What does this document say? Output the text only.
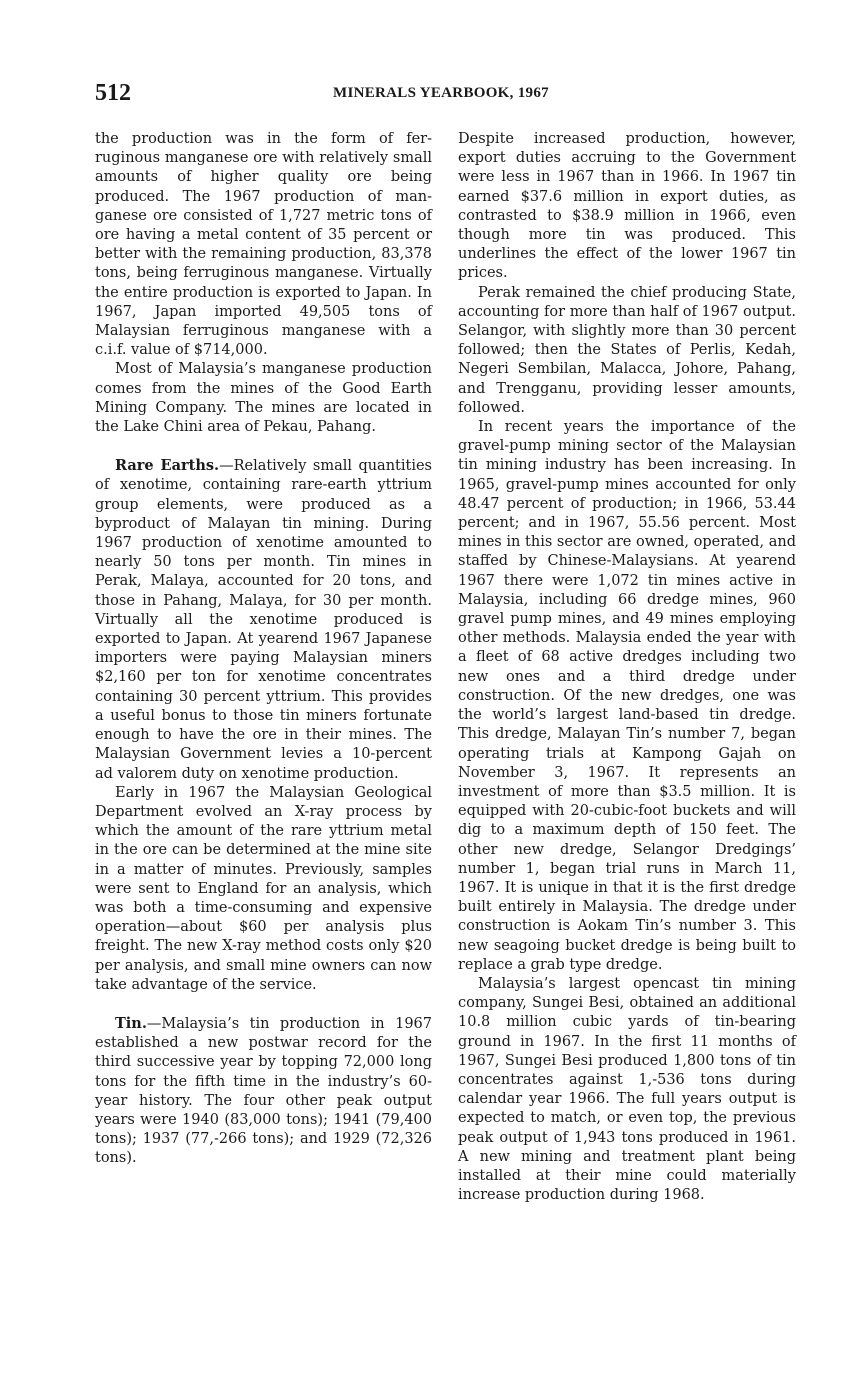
512	MINERALS YEARBOOK, 1967

the production was in the form of ferruginous manganese ore with relatively small amounts of higher quality ore being produced. The 1967 production of manganese ore consisted of 1,727 metric tons of ore having a metal content of 35 percent or better with the remaining production, 83,378 tons, being ferruginous manganese. Virtually the entire production is exported to Japan. In 1967, Japan imported 49,505 tons of Malaysian ferruginous manganese with a c.i.f. value of $714,000.

Most of Malaysia’s manganese production comes from the mines of the Good Earth Mining Company. The mines are located in the Lake Chini area of Pekau, Pahang.

Rare Earths.—Relatively small quantities of xenotime, containing rare-earth yttrium group elements, were produced as a byproduct of Malayan tin mining. During 1967 production of xenotime amounted to nearly 50 tons per month. Tin mines in Perak, Malaya, accounted for 20 tons, and those in Pahang, Malaya, for 30 per month. Virtually all the xenotime produced is exported to Japan. At yearend 1967 Japanese importers were paying Malaysian miners $2,160 per ton for xenotime concentrates containing 30 percent yttrium. This provides a useful bonus to those tin miners fortunate enough to have the ore in their mines. The Malaysian Government levies a 10-percent ad valorem duty on xenotime production.

Early in 1967 the Malaysian Geological Department evolved an X-ray process by which the amount of the rare yttrium metal in the ore can be determined at the mine site in a matter of minutes. Previously, samples were sent to England for an analysis, which was both a time-consuming and expensive operation—about $60 per analysis plus freight. The new X-ray method costs only $20 per analysis, and small mine owners can now take advantage of the service.

Tin.—Malaysia’s tin production in 1967 established a new postwar record for the third successive year by topping 72,000 long tons for the fifth time in the industry’s 60-year history. The four other peak output years were 1940 (83,000 tons); 1941 (79,400 tons); 1937 (77,-266 tons); and 1929 (72,326 tons).

Despite increased production, however, export duties accruing to the Government were less in 1967 than in 1966. In 1967 tin earned $37.6 million in export duties, as contrasted to $38.9 million in 1966, even though more tin was produced. This underlines the effect of the lower 1967 tin prices.

Perak remained the chief producing State, accounting for more than half of 1967 output. Selangor, with slightly more than 30 percent followed; then the States of Perlis, Kedah, Negeri Sembilan, Malacca, Johore, Pahang, and Trengganu, providing lesser amounts, followed.

In recent years the importance of the gravel-pump mining sector of the Malaysian tin mining industry has been increasing. In 1965, gravel-pump mines accounted for only 48.47 percent of production; in 1966, 53.44 percent; and in 1967, 55.56 percent. Most mines in this sector are owned, operated, and staffed by Chinese-Malaysians. At yearend 1967 there were 1,072 tin mines active in Malaysia, including 66 dredge mines, 960 gravel pump mines, and 49 mines employing other methods. Malaysia ended the year with a fleet of 68 active dredges including two new ones and a third dredge under construction. Of the new dredges, one was the world’s largest land-based tin dredge. This dredge, Malayan Tin’s number 7, began operating trials at Kampong Gajah on November 3, 1967. It represents an investment of more than $3.5 million. It is equipped with 20-cubic-foot buckets and will dig to a maximum depth of 150 feet. The other new dredge, Selangor Dredgings’ number 1, began trial runs in March 11, 1967. It is unique in that it is the first dredge built entirely in Malaysia. The dredge under construction is Aokam Tin’s number 3. This new seagoing bucket dredge is being built to replace a grab type dredge.

Malaysia’s largest opencast tin mining company, Sungei Besi, obtained an additional 10.8 million cubic yards of tin-bearing ground in 1967. In the first 11 months of 1967, Sungei Besi produced 1,800 tons of tin concentrates against 1,-536 tons during calendar year 1966. The full years output is expected to match, or even top, the previous peak output of 1,943 tons produced in 1961. A new mining and treatment plant being installed at their mine could materially increase production during 1968.
